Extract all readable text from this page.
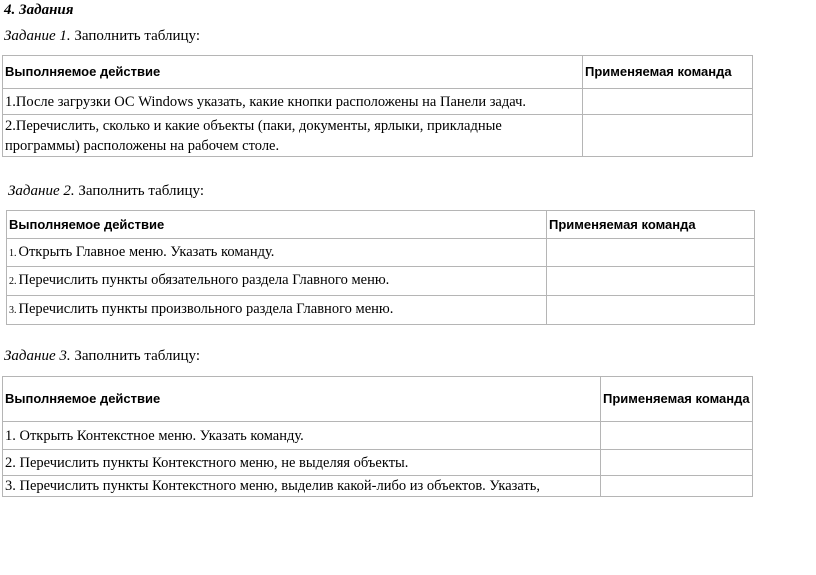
4. Задания
Задание 1. Заполнить таблицу:
Выполняемое действие	Применяемая команда
1.После загрузки ОС Windows указать, какие кнопки расположены на Панели задач.	
2.Перечислить, сколько и какие объекты (паки, документы, ярлыки, прикладные программы) расположены на рабочем столе.	
Задание 2. Заполнить таблицу:
Выполняемое действие	Применяемая команда
1. Открыть Главное меню. Указать команду.	
2. Перечислить пункты обязательного раздела Главного меню.	
3. Перечислить пункты произвольного раздела Главного меню.	
Задание 3. Заполнить таблицу:
Выполняемое действие	Применяемая команда
1. Открыть Контекстное меню. Указать команду.	
2. Перечислить пункты Контекстного меню, не выделяя объекты.	
3. Перечислить пункты Контекстного меню, выделив какой-либо из объектов. Указать,	
